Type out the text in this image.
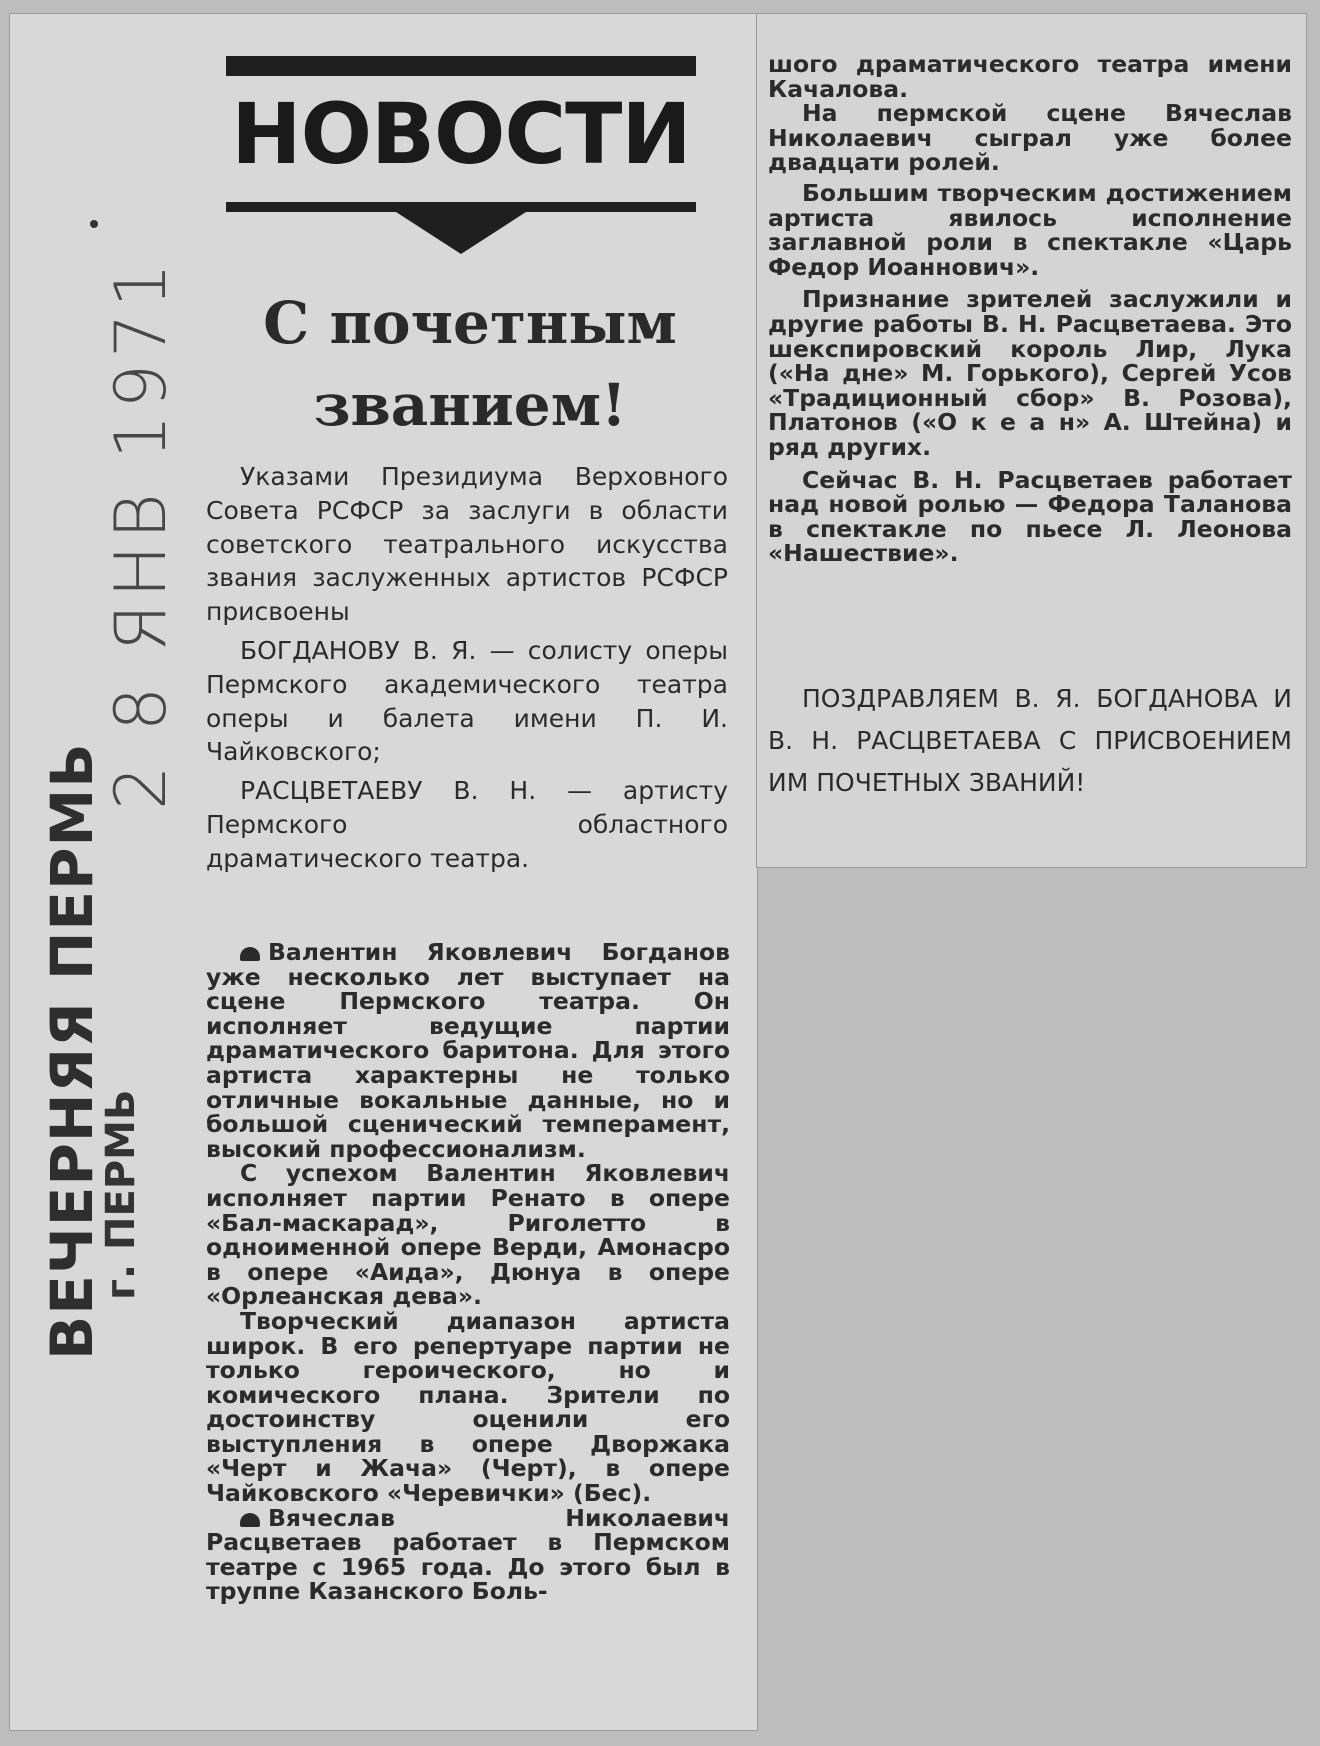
2 8 ЯНВ 1971
ВЕЧЕРНЯЯ ПЕРМЬ
г. ПЕРМЬ
НОВОСТИ
С почетным
званием!

Указами Президиума Верховного Совета РСФСР за заслуги в области советского театрального искусства звания заслуженных артистов РСФСР присвоены

БОГДАНОВУ В. Я. — солисту оперы Пермского академического театра оперы и балета имени П. И. Чайковского;

РАСЦВЕТАЕВУ В. Н. — артисту Пермского областного драматического театра.

Валентин Яковлевич Богданов уже несколько лет выступает на сцене Пермского театра. Он исполняет ведущие партии драматического баритона. Для этого артиста характерны не только отличные вокальные данные, но и большой сценический темперамент, высокий профессионализм.

С успехом Валентин Яковлевич исполняет партии Ренато в опере «Бал-маскарад», Риголетто в одноименной опере Верди, Амонасро в опере «Аида», Дюнуа в опере «Орлеанская дева».

Творческий диапазон артиста широк. В его репертуаре партии не только героического, но и комического плана. Зрители по достоинству оценили его выступления в опере Дворжака «Черт и Жача» (Черт), в опере Чайковского «Черевички» (Бес).

Вячеслав Николаевич Расцветаев работает в Пермском театре с 1965 года. До этого был в труппе Казанского Боль-

шого драматического театра имени Качалова.

На пермской сцене Вячеслав Николаевич сыграл уже более двадцати ролей.

Большим творческим достижением артиста явилось исполнение заглавной роли в спектакле «Царь Федор Иоаннович».

Признание зрителей заслужили и другие работы В. Н. Расцветаева. Это шекспировский король Лир, Лука («На дне» М. Горького), Сергей Усов «Традиционный сбор» В. Розова), Платонов («О к е а н» А. Штейна) и ряд других.

Сейчас В. Н. Расцветаев работает над новой ролью — Федора Таланова в спектакле по пьесе Л. Леонова «Нашествие».

ПОЗДРАВЛЯЕМ В. Я. БОГДАНОВА И В. Н. РАСЦВЕТАЕВА С ПРИСВОЕНИЕМ ИМ ПОЧЕТНЫХ ЗВАНИЙ!
